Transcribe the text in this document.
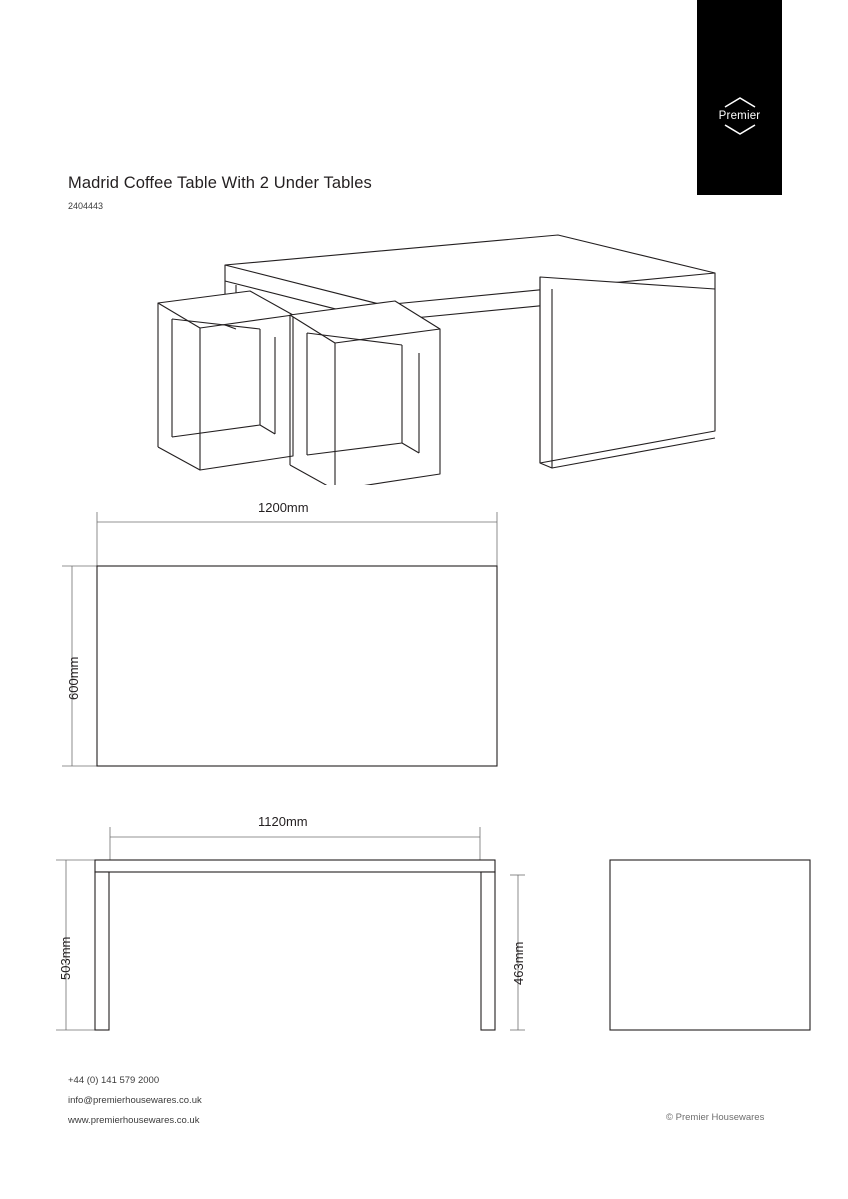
Premier
Madrid Coffee Table With 2 Under Tables
2404443
1200mm
600mm
1120mm
503mm	463mm
+44 (0) 141 579 2000
info@premierhousewares.co.uk
www.premierhousewares.co.uk	© Premier Housewares
